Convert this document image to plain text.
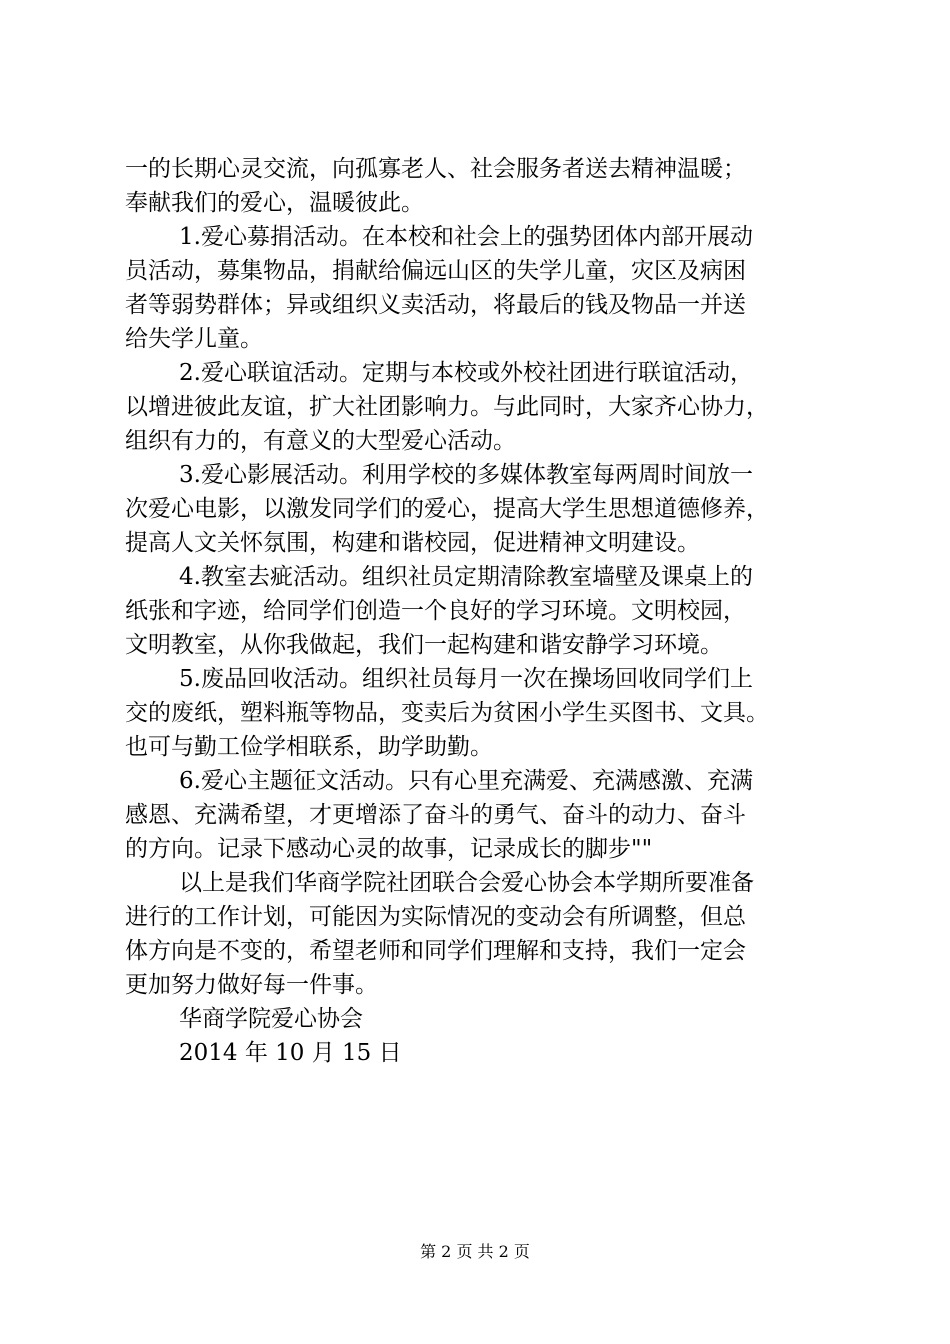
一的长期心灵交流，向孤寡老人、社会服务者送去精神温暖；
奉献我们的爱心，温暖彼此。
1.爱心募捐活动。在本校和社会上的强势团体内部开展动
员活动，募集物品，捐献给偏远山区的失学儿童，灾区及病困
者等弱势群体；异或组织义卖活动，将最后的钱及物品一并送
给失学儿童。
2.爱心联谊活动。定期与本校或外校社团进行联谊活动，
以增进彼此友谊，扩大社团影响力。与此同时，大家齐心协力，
组织有力的，有意义的大型爱心活动。
3.爱心影展活动。利用学校的多媒体教室每两周时间放一
次爱心电影，以激发同学们的爱心，提高大学生思想道德修养，
提高人文关怀氛围，构建和谐校园，促进精神文明建设。
4.教室去疵活动。组织社员定期清除教室墙壁及课桌上的
纸张和字迹，给同学们创造一个良好的学习环境。文明校园，
文明教室，从你我做起，我们一起构建和谐安静学习环境。
5.废品回收活动。组织社员每月一次在操场回收同学们上
交的废纸，塑料瓶等物品，变卖后为贫困小学生买图书、文具。
也可与勤工俭学相联系，助学助勤。
6.爱心主题征文活动。只有心里充满爱、充满感激、充满
感恩、充满希望，才更增添了奋斗的勇气、奋斗的动力、奋斗
的方向。记录下感动心灵的故事，记录成长的脚步""
以上是我们华商学院社团联合会爱心协会本学期所要准备
进行的工作计划，可能因为实际情况的变动会有所调整，但总
体方向是不变的，希望老师和同学们理解和支持，我们一定会
更加努力做好每一件事。
华商学院爱心协会
2014 年 10 月 15 日
第 2 页 共 2 页
